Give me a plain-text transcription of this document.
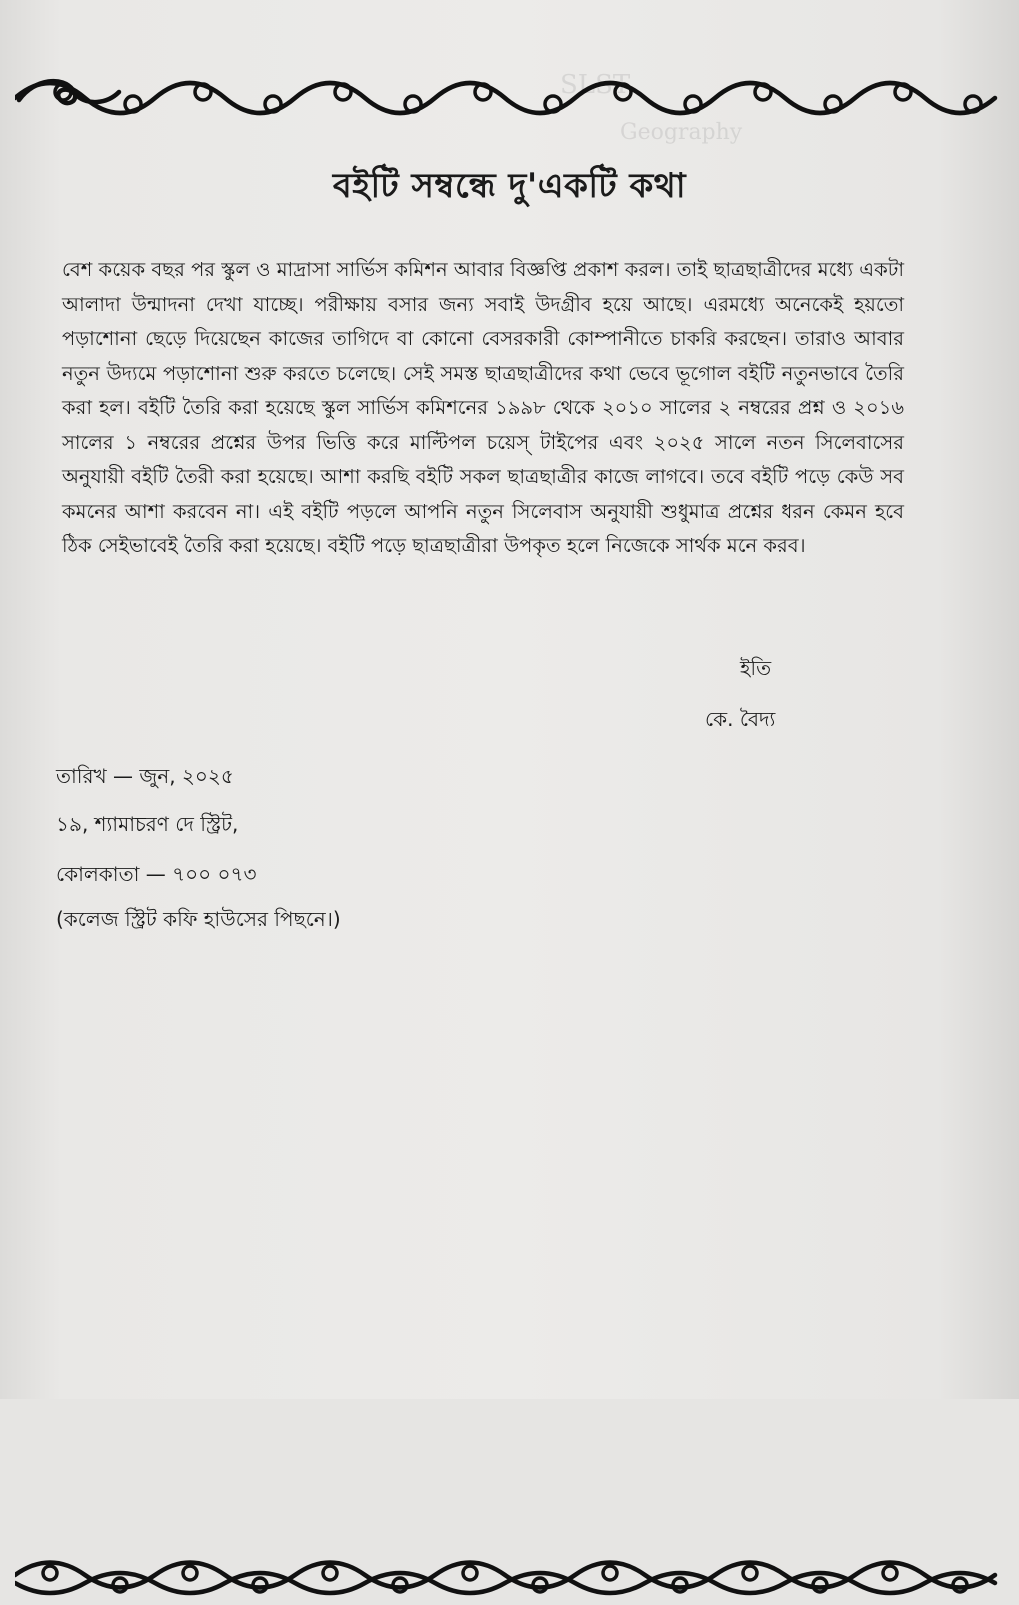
SLST
Geography
বইটি সম্বন্ধে দু'একটি কথা

বেশ কয়েক বছর পর স্কুল ও মাদ্রাসা সার্ভিস কমিশন আবার বিজ্ঞপ্তি প্রকাশ করল। তাই ছাত্রছাত্রীদের মধ্যে একটা আলাদা উন্মাদনা দেখা যাচ্ছে। পরীক্ষায় বসার জন্য সবাই উদগ্রীব হয়ে আছে। এরমধ্যে অনেকেই হয়তো পড়াশোনা ছেড়ে দিয়েছেন কাজের তাগিদে বা কোনো বেসরকারী কোম্পানীতে চাকরি করছেন। তারাও আবার নতুন উদ্যমে পড়াশোনা শুরু করতে চলেছে। সেই সমস্ত ছাত্রছাত্রীদের কথা ভেবে ভূগোল বইটি নতুনভাবে তৈরি করা হল। বইটি তৈরি করা হয়েছে স্কুল সার্ভিস কমিশনের ১৯৯৮ থেকে ২০১০ সালের ২ নম্বরের প্রশ্ন ও ২০১৬ সালের ১ নম্বরের প্রশ্নের উপর ভিত্তি করে মাল্টিপল চয়েস্ টাইপের এবং ২০২৫ সালে নতন সিলেবাসের অনুযায়ী বইটি তৈরী করা হয়েছে। আশা করছি বইটি সকল ছাত্রছাত্রীর কাজে লাগবে। তবে বইটি পড়ে কেউ সব কমনের আশা করবেন না। এই বইটি পড়লে আপনি নতুন সিলেবাস অনুযায়ী শুধুমাত্র প্রশ্নের ধরন কেমন হবে ঠিক সেইভাবেই তৈরি করা হয়েছে। বইটি পড়ে ছাত্রছাত্রীরা উপকৃত হলে নিজেকে সার্থক মনে করব।

ইতি
কে. বৈদ্য
তারিখ — জুন, ২০২৫
১৯, শ্যামাচরণ দে স্ট্রিট,
কোলকাতা — ৭০০ ০৭৩
(কলেজ স্ট্রিট কফি হাউসের পিছনে।)
